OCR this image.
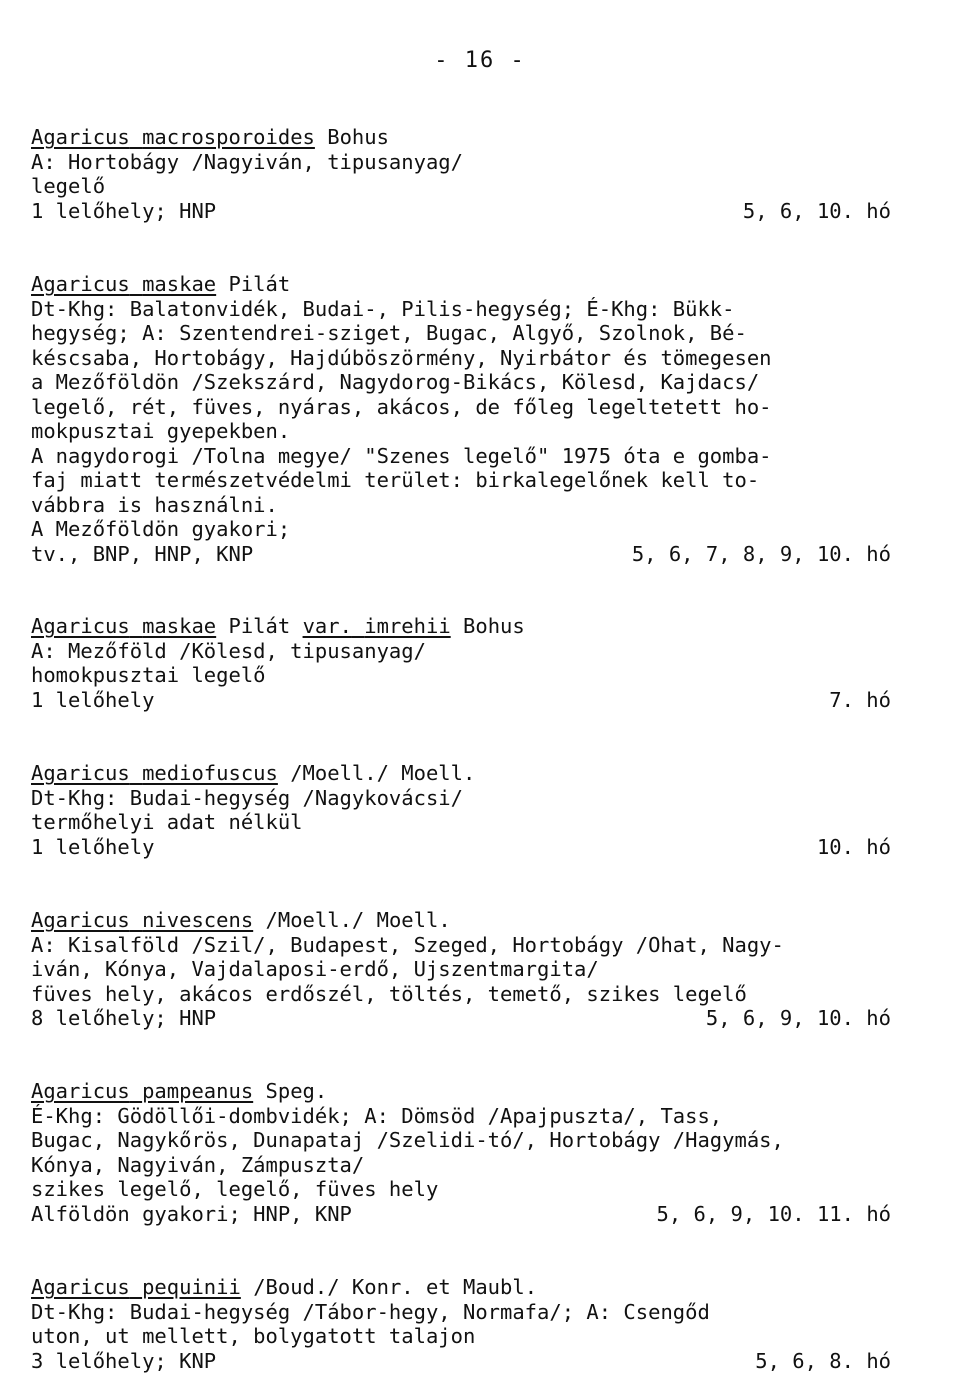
- 16 -
Agaricus macrosporoides Bohus
A: Hortobágy /Nagyiván, tipusanyag/
legelő
1 lelőhely; HNP	5, 6, 10. hó
Agaricus maskae Pilát
Dt-Khg: Balatonvidék, Budai-, Pilis-hegység; É-Khg: Bükk-
hegység; A: Szentendrei-sziget, Bugac, Algyő, Szolnok, Bé-
késcsaba, Hortobágy, Hajdúböszörmény, Nyirbátor és tömegesen
a Mezőföldön /Szekszárd, Nagydorog-Bikács, Kölesd, Kajdacs/
legelő, rét, füves, nyáras, akácos, de főleg legeltetett ho-
mokpusztai gyepekben.
A nagydorogi /Tolna megye/ "Szenes legelő" 1975 óta e gomba-
faj miatt természetvédelmi terület: birkalegelőnek kell to-
vábbra is használni.
A Mezőföldön gyakori;
tv., BNP, HNP, KNP	5, 6, 7, 8, 9, 10. hó
Agaricus maskae Pilát var. imrehii Bohus
A: Mezőföld /Kölesd, tipusanyag/
homokpusztai legelő
1 lelőhely	7. hó
Agaricus mediofuscus /Moell./ Moell.
Dt-Khg: Budai-hegység /Nagykovácsi/
termőhelyi adat nélkül
1 lelőhely	10. hó
Agaricus nivescens /Moell./ Moell.
A: Kisalföld /Szil/, Budapest, Szeged, Hortobágy /Ohat, Nagy-
iván, Kónya, Vajdalaposi-erdő, Ujszentmargita/
füves hely, akácos erdőszél, töltés, temető, szikes legelő
8 lelőhely; HNP	5, 6, 9, 10. hó
Agaricus pampeanus Speg.
É-Khg: Gödöllői-dombvidék; A: Dömsöd /Apajpuszta/, Tass,
Bugac, Nagykőrös, Dunapataj /Szelidi-tó/, Hortobágy /Hagymás,
Kónya, Nagyiván, Zámpuszta/
szikes legelő, legelő, füves hely
Alföldön gyakori; HNP, KNP	5, 6, 9, 10. 11. hó
Agaricus pequinii /Boud./ Konr. et Maubl.
Dt-Khg: Budai-hegység /Tábor-hegy, Normafa/; A: Csengőd
uton, ut mellett, bolygatott talajon
3 lelőhely; KNP	5, 6, 8. hó
